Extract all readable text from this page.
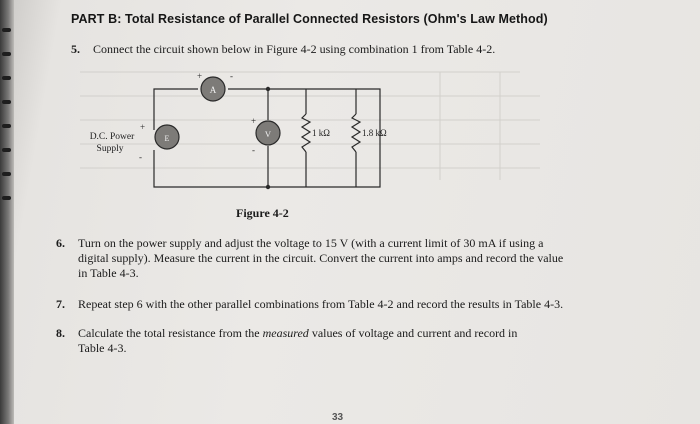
PART B: Total Resistance of Parallel Connected Resistors (Ohm's Law Method)
5. Connect the circuit shown below in Figure 4-2 using combination 1 from Table 4-2.
A
+	-
E
+
-
D.C. Power
Supply
V
+
-
1 kΩ	1.8 kΩ
Figure 4-2
6. Turn on the power supply and adjust the voltage to 15 V (with a current limit of 30 mA if using a
digital supply). Measure the current in the circuit. Convert the current into amps and record the value
in Table 4-3.
7. Repeat step 6 with the other parallel combinations from Table 4-2 and record the results in Table 4-3.
8. Calculate the total resistance from the measured values of voltage and current and record in
Table 4-3.
33
